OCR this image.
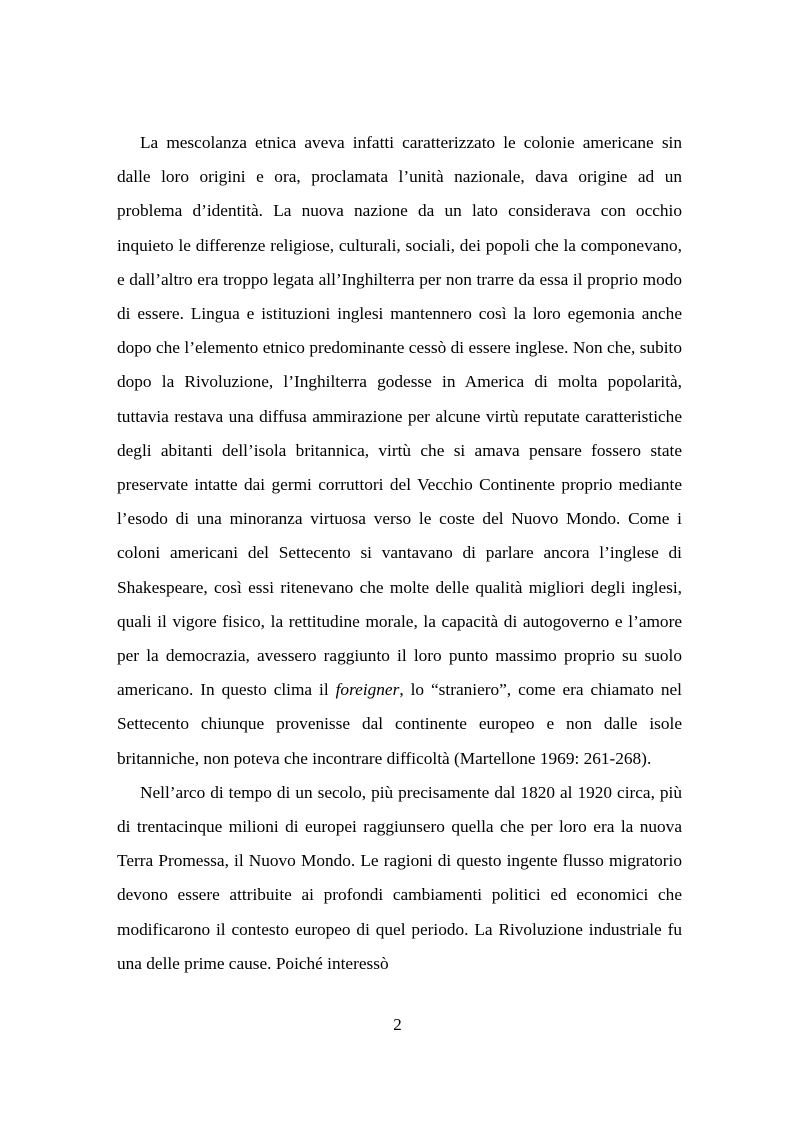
La mescolanza etnica aveva infatti caratterizzato le colonie americane sin dalle loro origini e ora, proclamata l’unità nazionale, dava origine ad un problema d’identità. La nuova nazione da un lato considerava con occhio inquieto le differenze religiose, culturali, sociali, dei popoli che la componevano, e dall’altro era troppo legata all’Inghilterra per non trarre da essa il proprio modo di essere. Lingua e istituzioni inglesi mantennero così la loro egemonia anche dopo che l’elemento etnico predominante cessò di essere inglese. Non che, subito dopo la Rivoluzione, l’Inghilterra godesse in America di molta popolarità, tuttavia restava una diffusa ammirazione per alcune virtù reputate caratteristiche degli abitanti dell’isola britannica, virtù che si amava pensare fossero state preservate intatte dai germi corruttori del Vecchio Continente proprio mediante l’esodo di una minoranza virtuosa verso le coste del Nuovo Mondo. Come i coloni americani del Settecento si vantavano di parlare ancora l’inglese di Shakespeare, così essi ritenevano che molte delle qualità migliori degli inglesi, quali il vigore fisico, la rettitudine morale, la capacità di autogoverno e l’amore per la democrazia, avessero raggiunto il loro punto massimo proprio su suolo americano. In questo clima il foreigner, lo “straniero”, come era chiamato nel Settecento chiunque provenisse dal continente europeo e non dalle isole britanniche, non poteva che incontrare difficoltà (Martellone 1969: 261-268).

Nell’arco di tempo di un secolo, più precisamente dal 1820 al 1920 circa, più di trentacinque milioni di europei raggiunsero quella che per loro era la nuova Terra Promessa, il Nuovo Mondo. Le ragioni di questo ingente flusso migratorio devono essere attribuite ai profondi cambiamenti politici ed economici che modificarono il contesto europeo di quel periodo. La Rivoluzione industriale fu una delle prime cause. Poiché interessò

2
